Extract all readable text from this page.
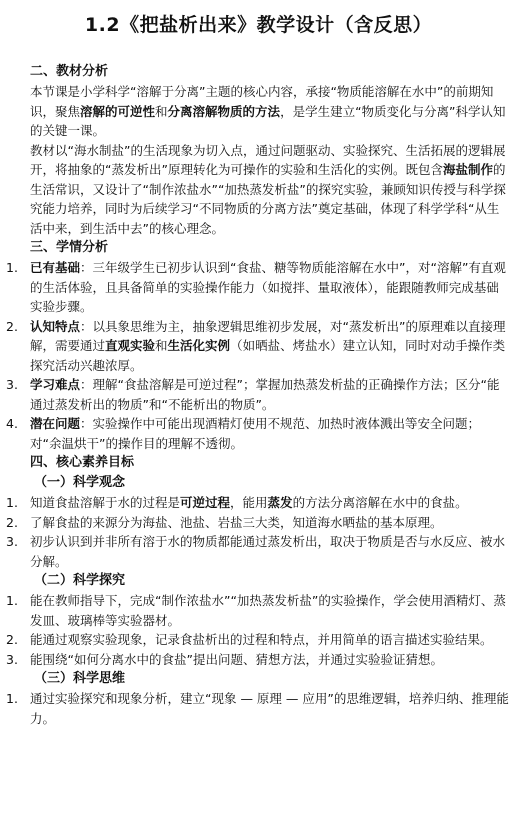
1.2《把盐析出来》教学设计（含反思）
二、教材分析

本节课是小学科学“溶解于分离”主题的核心内容，承接“物质能溶解在水中”的前期知识，聚焦溶解的可逆性和分离溶解物质的方法，是学生建立“物质变化与分离”科学认知的关键一课。

教材以“海水制盐”的生活现象为切入点，通过问题驱动、实验探究、生活拓展的逻辑展开，将抽象的“蒸发析出”原理转化为可操作的实验和生活化的实例。既包含海盐制作的生活常识，又设计了“制作浓盐水”“加热蒸发析盐”的探究实验，兼顾知识传授与科学探究能力培养，同时为后续学习“不同物质的分离方法”奠定基础，体现了科学学科“从生活中来，到生活中去”的核心理念。

三、学情分析
1. 已有基础：三年级学生已初步认识到“食盐、糖等物质能溶解在水中”，对“溶解”有直观的生活体验，且具备简单的实验操作能力（如搅拌、量取液体），能跟随教师完成基础实验步骤。
2. 认知特点：以具象思维为主，抽象逻辑思维初步发展，对“蒸发析出”的原理难以直接理解，需要通过直观实验和生活化实例（如晒盐、烤盐水）建立认知，同时对动手操作类探究活动兴趣浓厚。
3. 学习难点：理解“食盐溶解是可逆过程”；掌握加热蒸发析盐的正确操作方法；区分“能通过蒸发析出的物质”和“不能析出的物质”。
4. 潜在问题：实验操作中可能出现酒精灯使用不规范、加热时液体溅出等安全问题；对“余温烘干”的操作目的理解不透彻。
四、核心素养目标
（一）科学观念
1. 知道食盐溶解于水的过程是可逆过程，能用蒸发的方法分离溶解在水中的食盐。
2. 了解食盐的来源分为海盐、池盐、岩盐三大类，知道海水晒盐的基本原理。
3. 初步认识到并非所有溶于水的物质都能通过蒸发析出，取决于物质是否与水反应、被水分解。
（二）科学探究
1. 能在教师指导下，完成“制作浓盐水”“加热蒸发析盐”的实验操作，学会使用酒精灯、蒸发皿、玻璃棒等实验器材。
2. 能通过观察实验现象，记录食盐析出的过程和特点，并用简单的语言描述实验结果。
3. 能围绕“如何分离水中的食盐”提出问题、猜想方法，并通过实验验证猜想。
（三）科学思维
1. 通过实验探究和现象分析，建立“现象 — 原理 — 应用”的思维逻辑，培养归纳、推理能力。
